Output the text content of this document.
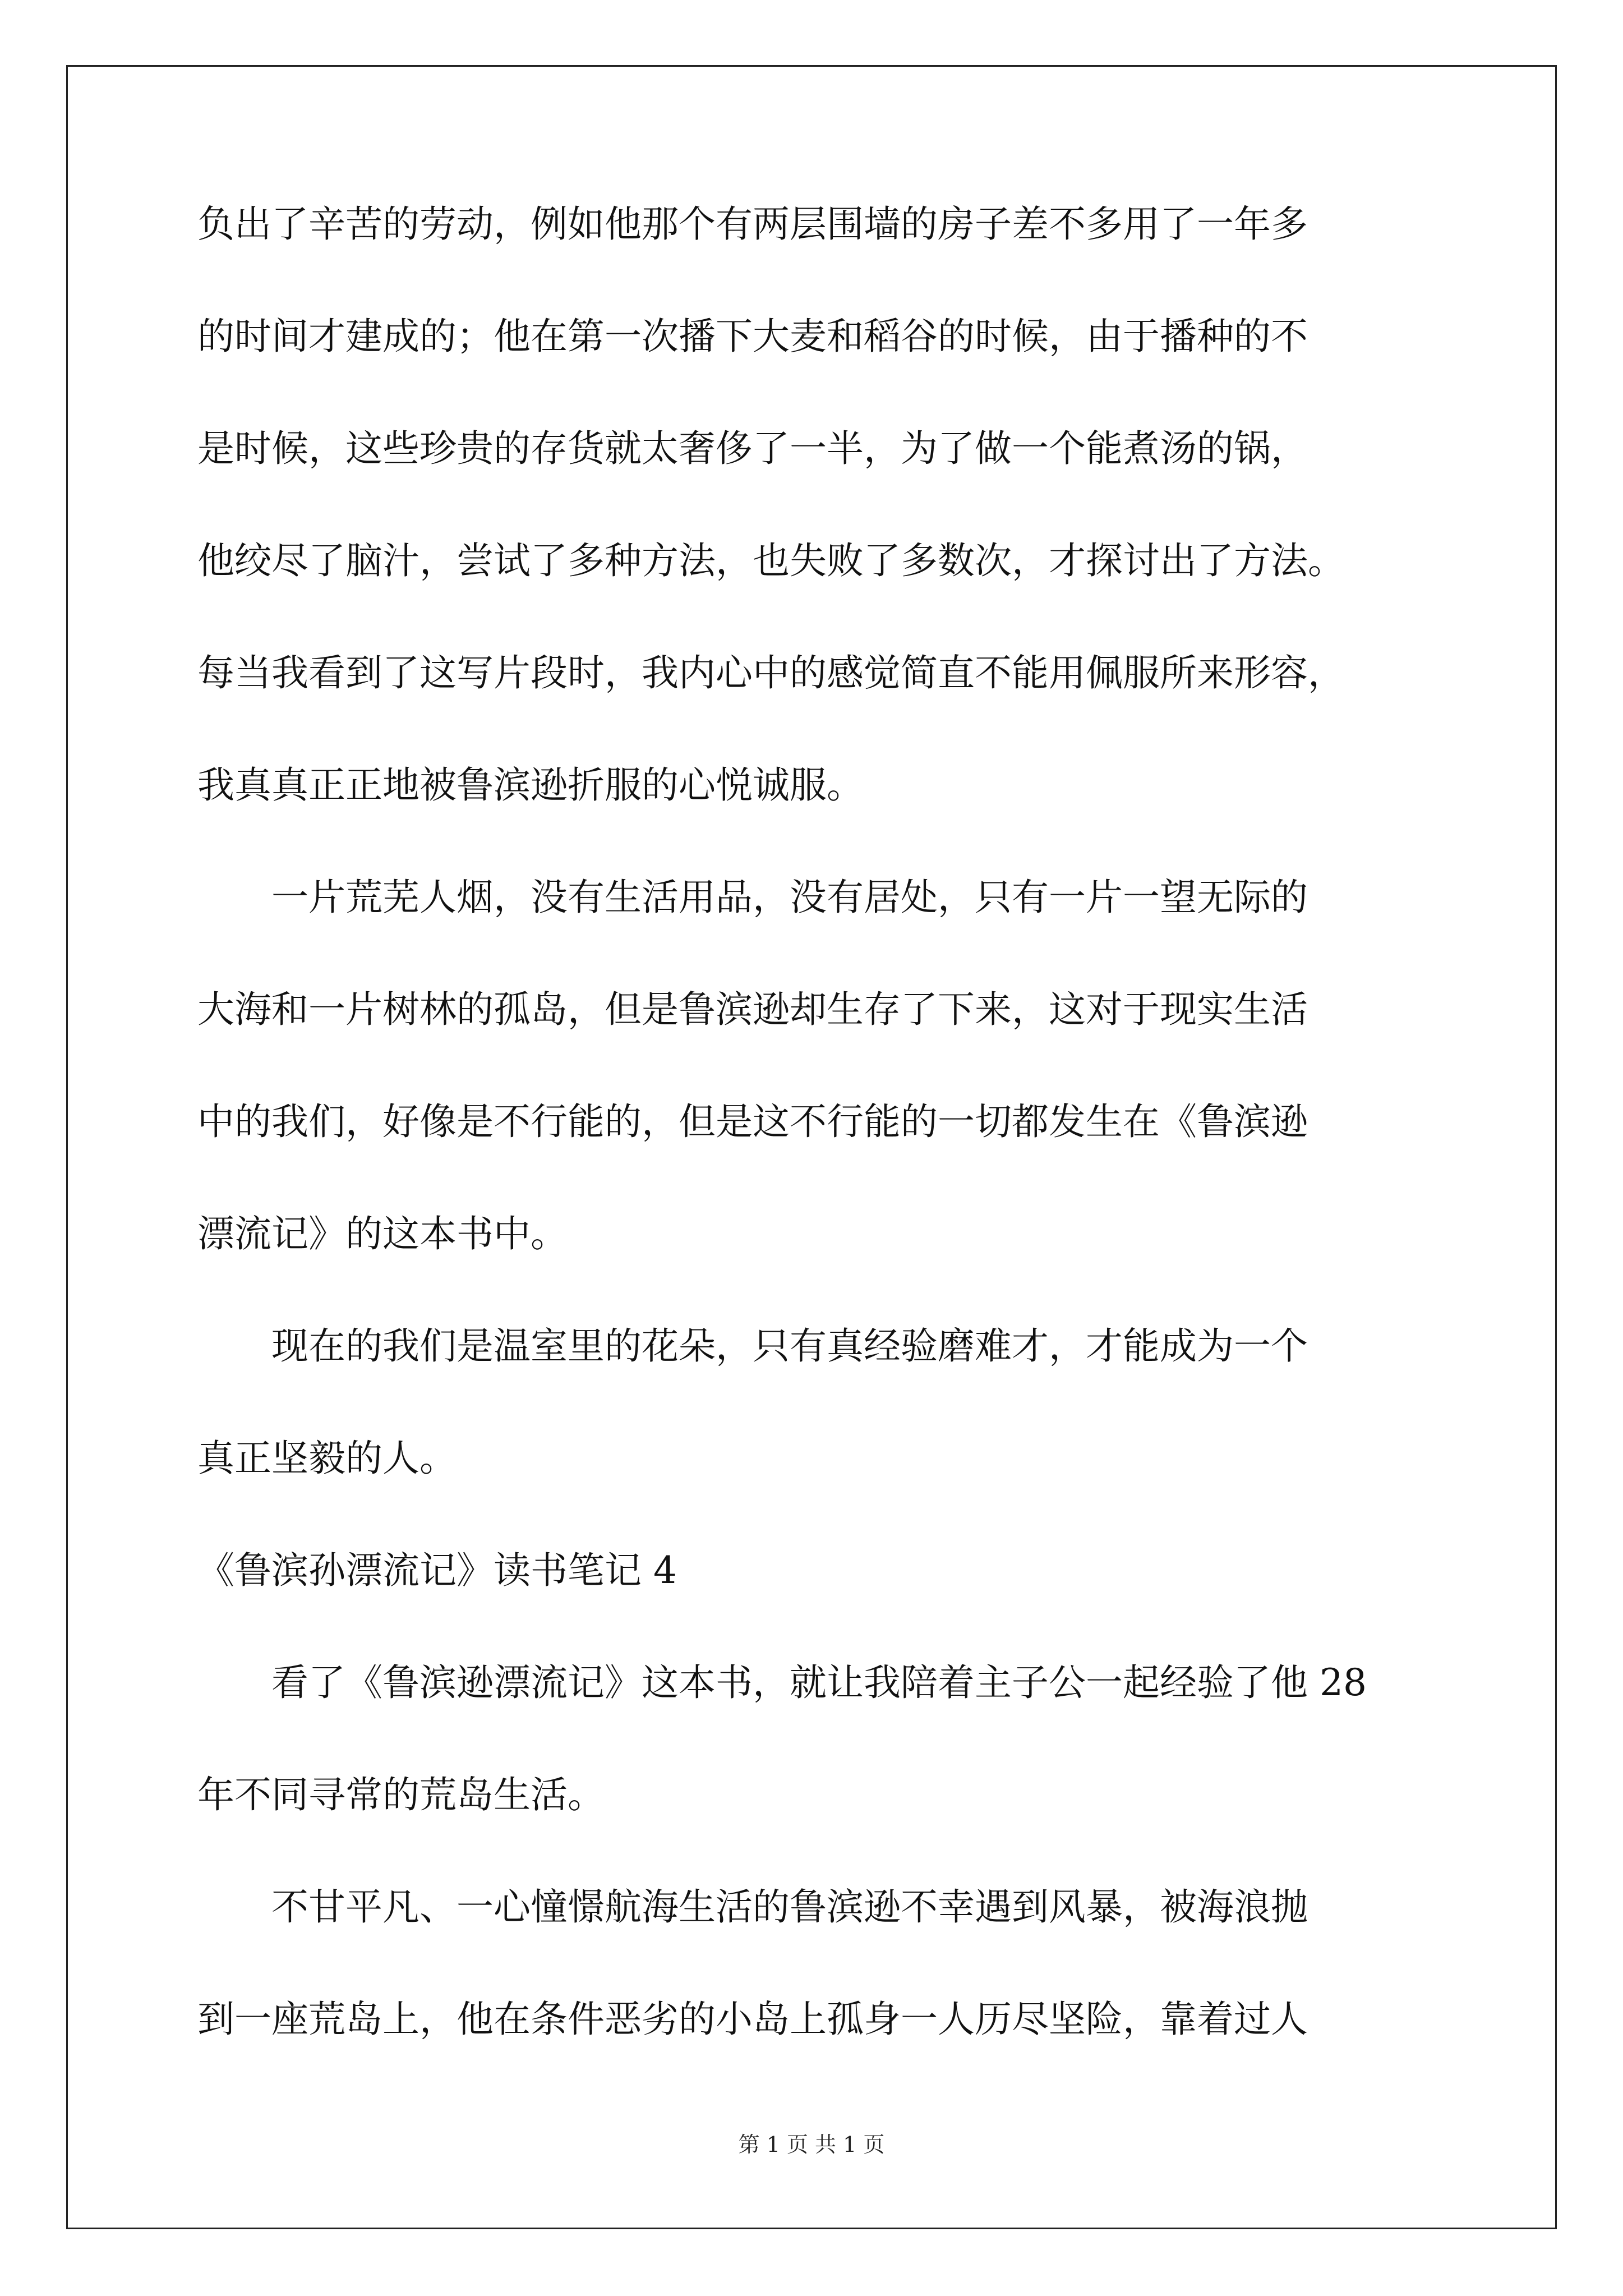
负出了辛苦的劳动，例如他那个有两层围墙的房子差不多用了一年多
的时间才建成的；他在第一次播下大麦和稻谷的时候，由于播种的不
是时候，这些珍贵的存货就太奢侈了一半，为了做一个能煮汤的锅，
他绞尽了脑汁，尝试了多种方法，也失败了多数次，才探讨出了方法。
每当我看到了这写片段时，我内心中的感觉简直不能用佩服所来形容，
我真真正正地被鲁滨逊折服的心悦诚服。
一片荒芜人烟，没有生活用品，没有居处，只有一片一望无际的
大海和一片树林的孤岛，但是鲁滨逊却生存了下来，这对于现实生活
中的我们，好像是不行能的，但是这不行能的一切都发生在《鲁滨逊
漂流记》的这本书中。
现在的我们是温室里的花朵，只有真经验磨难才，才能成为一个
真正坚毅的人。
《鲁滨孙漂流记》读书笔记 4
看了《鲁滨逊漂流记》这本书，就让我陪着主子公一起经验了他 28
年不同寻常的荒岛生活。
不甘平凡、一心憧憬航海生活的鲁滨逊不幸遇到风暴，被海浪抛
到一座荒岛上，他在条件恶劣的小岛上孤身一人历尽坚险，靠着过人
第 1 页 共 1 页
